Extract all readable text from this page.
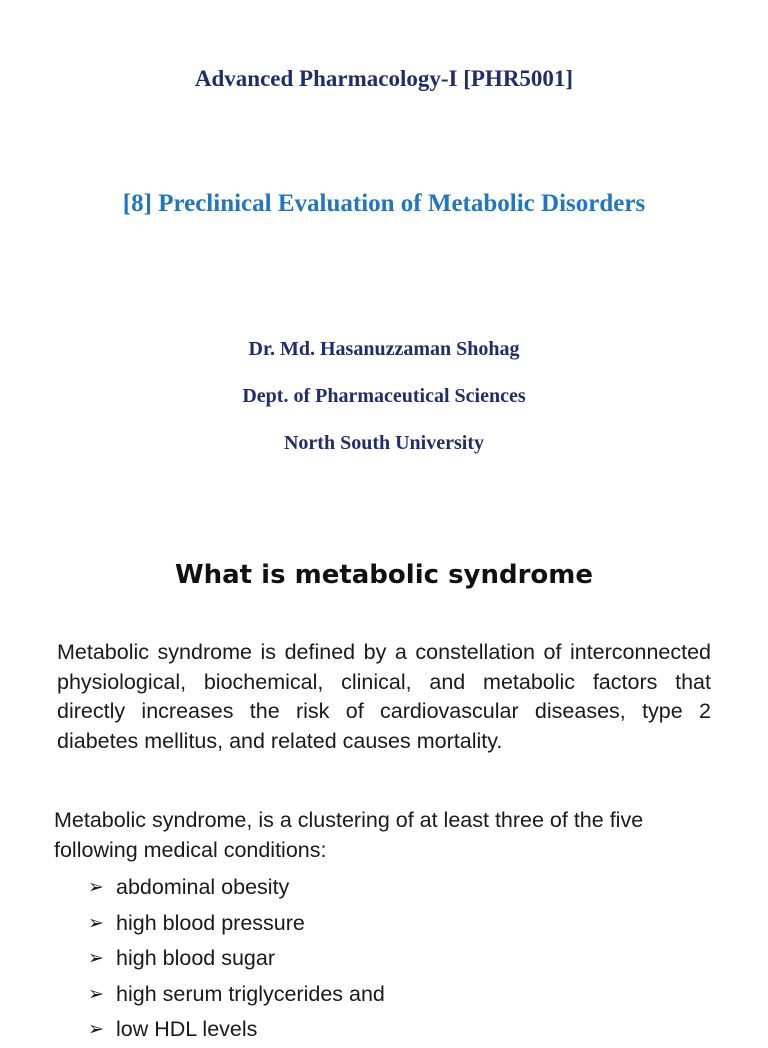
Advanced Pharmacology-I [PHR5001]
[8] Preclinical Evaluation of Metabolic Disorders
Dr. Md. Hasanuzzaman Shohag
Dept. of Pharmaceutical Sciences
North South University
What is metabolic syndrome
Metabolic syndrome is defined by a constellation of interconnected physiological, biochemical, clinical, and metabolic factors that directly increases the risk of cardiovascular diseases, type 2 diabetes mellitus, and related causes mortality.
Metabolic syndrome, is a clustering of at least three of the five following medical conditions:
➢ abdominal obesity
➢ high blood pressure
➢ high blood sugar
➢ high serum triglycerides and
➢ low HDL levels
